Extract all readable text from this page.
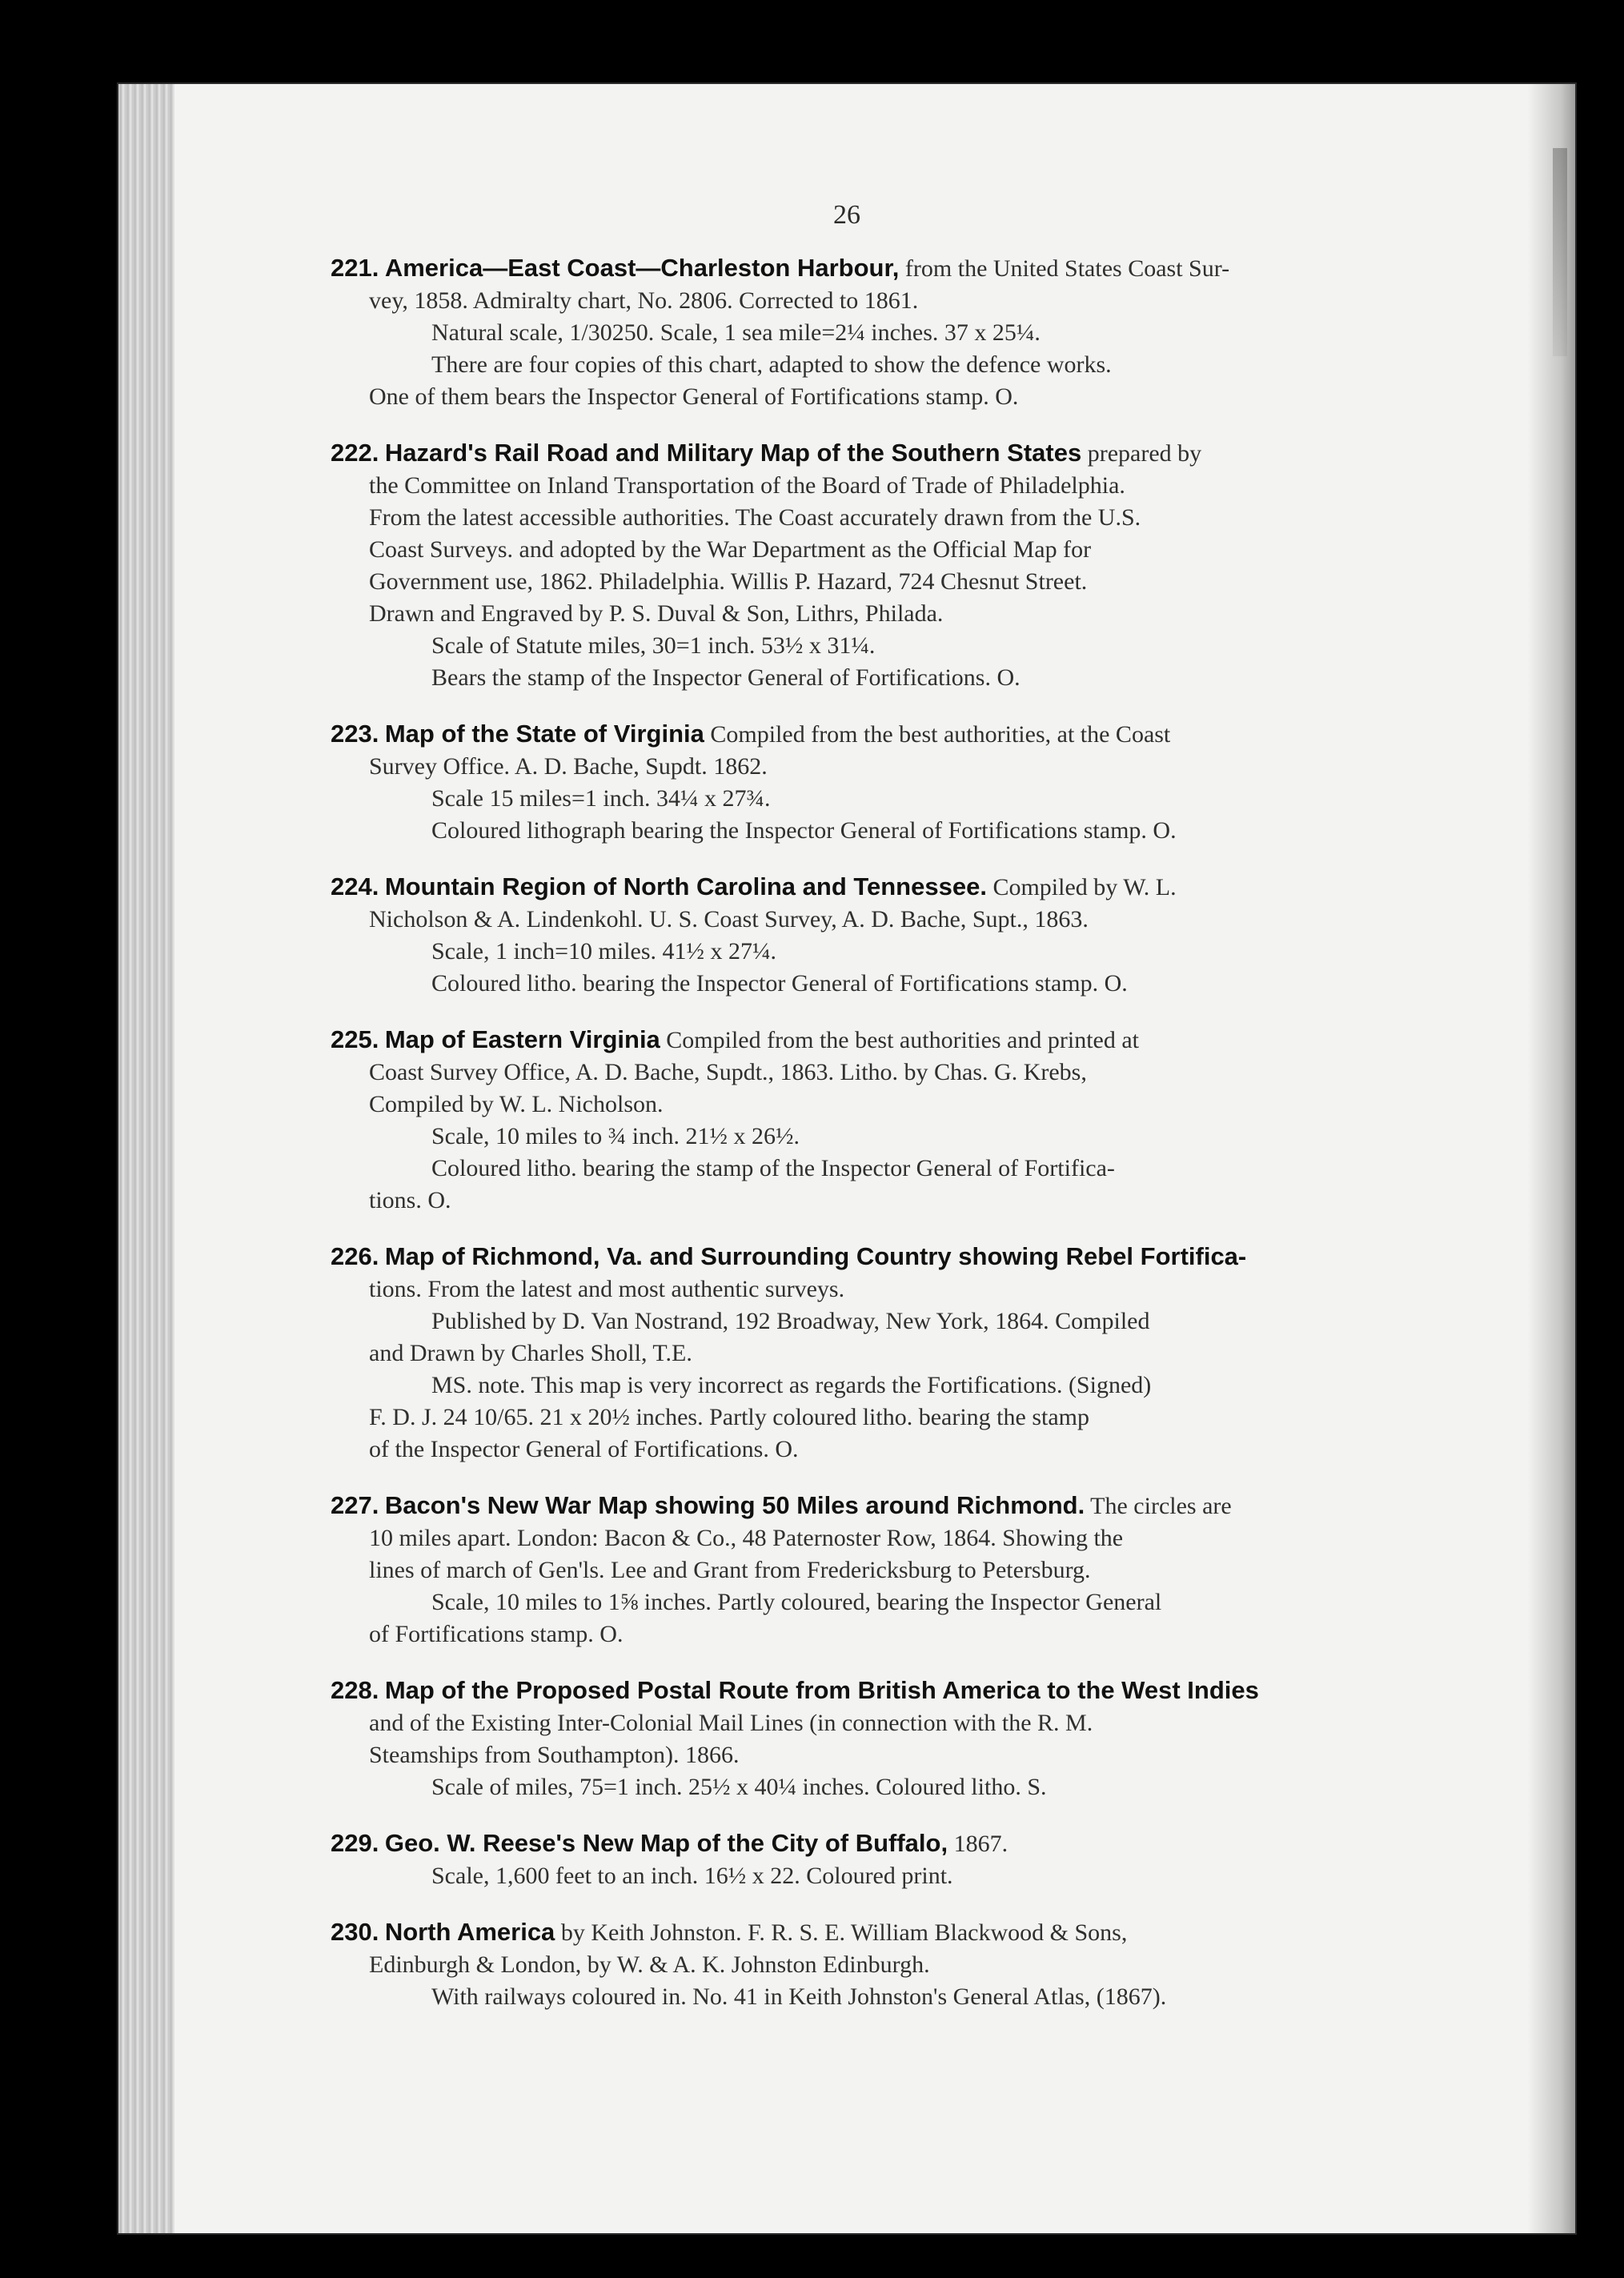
26

221. America—East Coast—Charleston Harbour, from the United States Coast Sur-

vey, 1858. Admiralty chart, No. 2806. Corrected to 1861.
Natural scale, 1/30250. Scale, 1 sea mile=2¼ inches. 37 x 25¼.
There are four copies of this chart, adapted to show the defence works.
One of them bears the Inspector General of Fortifications stamp. O.

222. Hazard's Rail Road and Military Map of the Southern States prepared by

the Committee on Inland Transportation of the Board of Trade of Philadelphia.
From the latest accessible authorities. The Coast accurately drawn from the U.S.
Coast Surveys. and adopted by the War Department as the Official Map for
Government use, 1862. Philadelphia. Willis P. Hazard, 724 Chesnut Street.
Drawn and Engraved by P. S. Duval & Son, Lithrs, Philada.
Scale of Statute miles, 30=1 inch. 53½ x 31¼.
Bears the stamp of the Inspector General of Fortifications. O.

223. Map of the State of Virginia Compiled from the best authorities, at the Coast

Survey Office. A. D. Bache, Supdt. 1862.
Scale 15 miles=1 inch. 34¼ x 27¾.
Coloured lithograph bearing the Inspector General of Fortifications stamp. O.

224. Mountain Region of North Carolina and Tennessee. Compiled by W. L.

Nicholson & A. Lindenkohl. U. S. Coast Survey, A. D. Bache, Supt., 1863.
Scale, 1 inch=10 miles. 41½ x 27¼.
Coloured litho. bearing the Inspector General of Fortifications stamp. O.

225. Map of Eastern Virginia Compiled from the best authorities and printed at

Coast Survey Office, A. D. Bache, Supdt., 1863. Litho. by Chas. G. Krebs,
Compiled by W. L. Nicholson.
Scale, 10 miles to ¾ inch. 21½ x 26½.
Coloured litho. bearing the stamp of the Inspector General of Fortifica-
tions. O.

226. Map of Richmond, Va. and Surrounding Country showing Rebel Fortifica-

tions. From the latest and most authentic surveys.
Published by D. Van Nostrand, 192 Broadway, New York, 1864. Compiled
and Drawn by Charles Sholl, T.E.
MS. note. This map is very incorrect as regards the Fortifications. (Signed)
F. D. J. 24 10/65. 21 x 20½ inches. Partly coloured litho. bearing the stamp
of the Inspector General of Fortifications. O.

227. Bacon's New War Map showing 50 Miles around Richmond. The circles are

10 miles apart. London: Bacon & Co., 48 Paternoster Row, 1864. Showing the
lines of march of Gen'ls. Lee and Grant from Fredericksburg to Petersburg.
Scale, 10 miles to 1⅝ inches. Partly coloured, bearing the Inspector General
of Fortifications stamp. O.

228. Map of the Proposed Postal Route from British America to the West Indies

and of the Existing Inter-Colonial Mail Lines (in connection with the R. M.
Steamships from Southampton). 1866.
Scale of miles, 75=1 inch. 25½ x 40¼ inches. Coloured litho. S.

229. Geo. W. Reese's New Map of the City of Buffalo, 1867.

Scale, 1,600 feet to an inch. 16½ x 22. Coloured print.

230. North America by Keith Johnston. F. R. S. E. William Blackwood & Sons,

Edinburgh & London, by W. & A. K. Johnston Edinburgh.
With railways coloured in. No. 41 in Keith Johnston's General Atlas, (1867).
